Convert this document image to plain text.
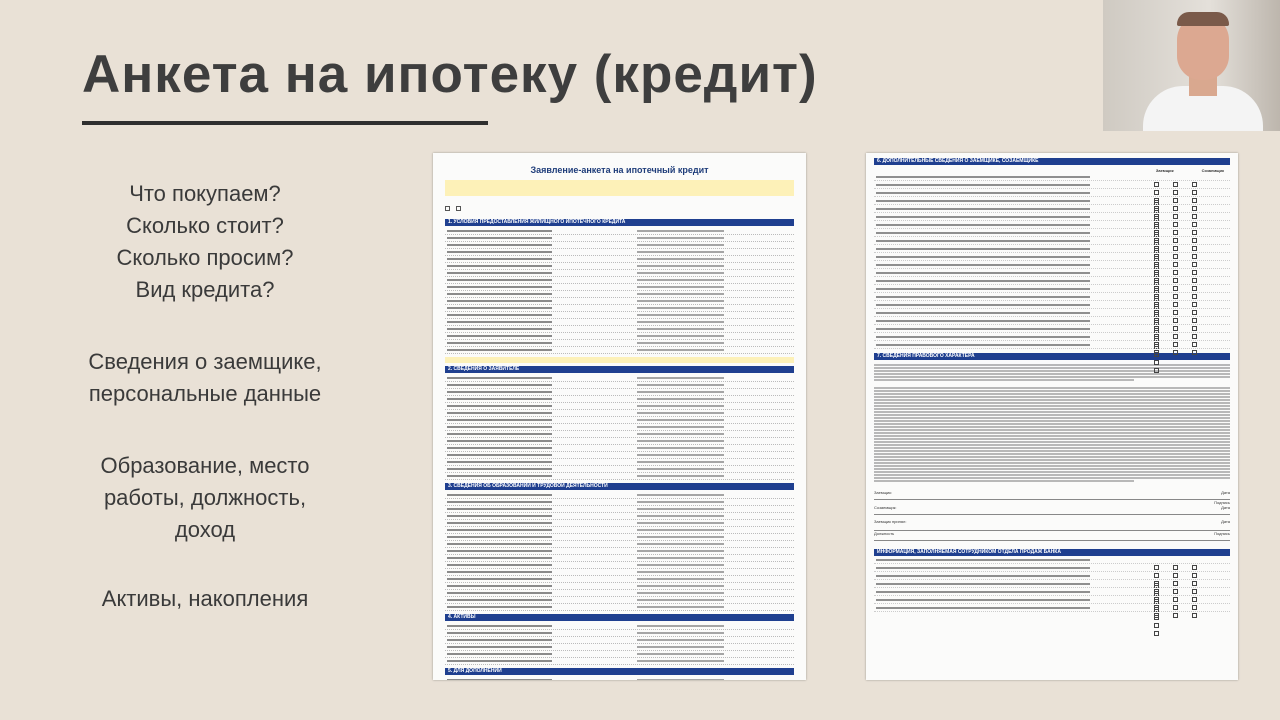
Анкета на ипотеку (кредит)
Что покупаем?
Сколько стоит?
Сколько просим?
Вид кредита?
Сведения о заемщике,
персональные данные
Образование, место
работы, должность,
доход
Активы, накопления
Заявление-анкета на ипотечный кредит
1. УСЛОВИЯ ПРЕДОСТАВЛЕНИЯ ЖИЛИЩНОГО ИПОТЕЧНОГО КРЕДИТА
2. СВЕДЕНИЯ О ЗАЯВИТЕЛЕ
3. СВЕДЕНИЯ ОБ ОБРАЗОВАНИИ И ТРУДОВОЙ ДЕЯТЕЛЬНОСТИ
4. АКТИВЫ
5. ДЛЯ ДОПОЛНЕНИЙ
6. ДОПОЛНИТЕЛЬНЫЕ СВЕДЕНИЯ О ЗАЕМЩИКЕ, СОЗАЕМЩИКЕ
Заемщик	Созаемщик
7. СВЕДЕНИЯ ПРАВОВОГО ХАРАКТЕРА
Заемщик:	Дата
Подпись
Созаемщик:	Дата
Заемщик принял:	Дата
Должность	Подпись
ИНФОРМАЦИЯ, ЗАПОЛНЯЕМАЯ СОТРУДНИКОМ ОТДЕЛА ПРОДАЖ БАНКА
